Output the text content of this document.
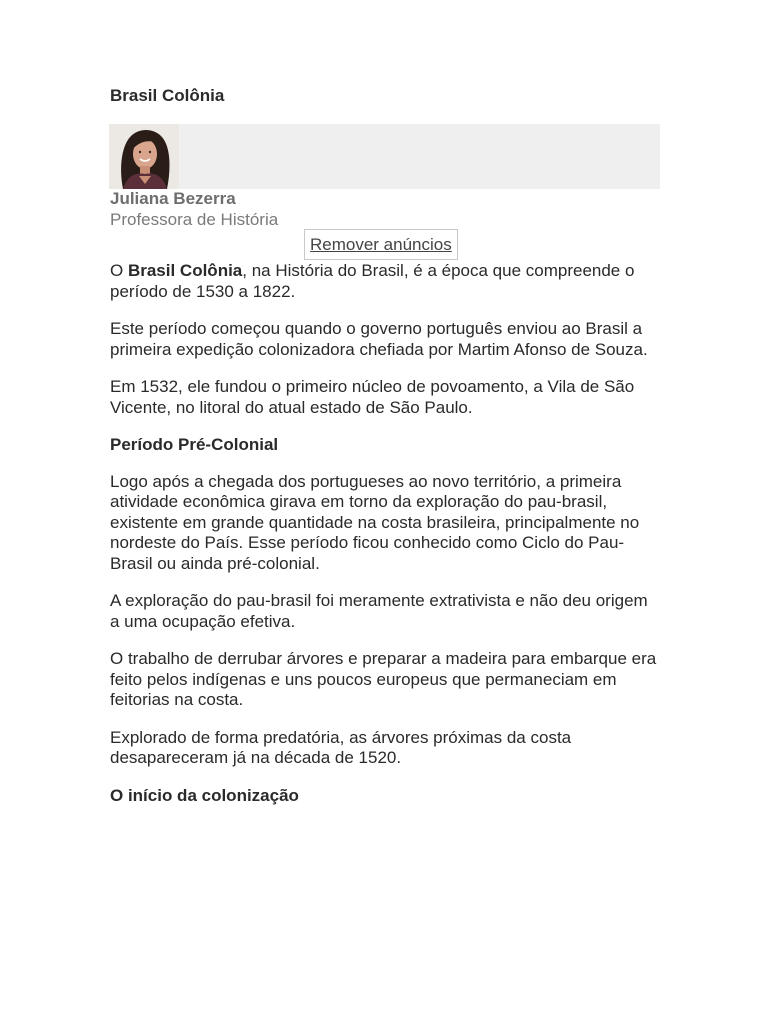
Brasil Colônia
Juliana Bezerra
Professora de História
Remover anúncios

O Brasil Colônia, na História do Brasil, é a época que compreende o período de 1530 a 1822.

Este período começou quando o governo português enviou ao Brasil a primeira expedição colonizadora chefiada por Martim Afonso de Souza.

Em 1532, ele fundou o primeiro núcleo de povoamento, a Vila de São Vicente, no litoral do atual estado de São Paulo.

Período Pré-Colonial

Logo após a chegada dos portugueses ao novo território, a primeira atividade econômica girava em torno da exploração do pau-brasil, existente em grande quantidade na costa brasileira, principalmente no nordeste do País. Esse período ficou conhecido como Ciclo do Pau-Brasil ou ainda pré-colonial.

A exploração do pau-brasil foi meramente extrativista e não deu origem a uma ocupação efetiva.

O trabalho de derrubar árvores e preparar a madeira para embarque era feito pelos indígenas e uns poucos europeus que permaneciam em feitorias na costa.

Explorado de forma predatória, as árvores próximas da costa desapareceram já na década de 1520.

O início da colonização
